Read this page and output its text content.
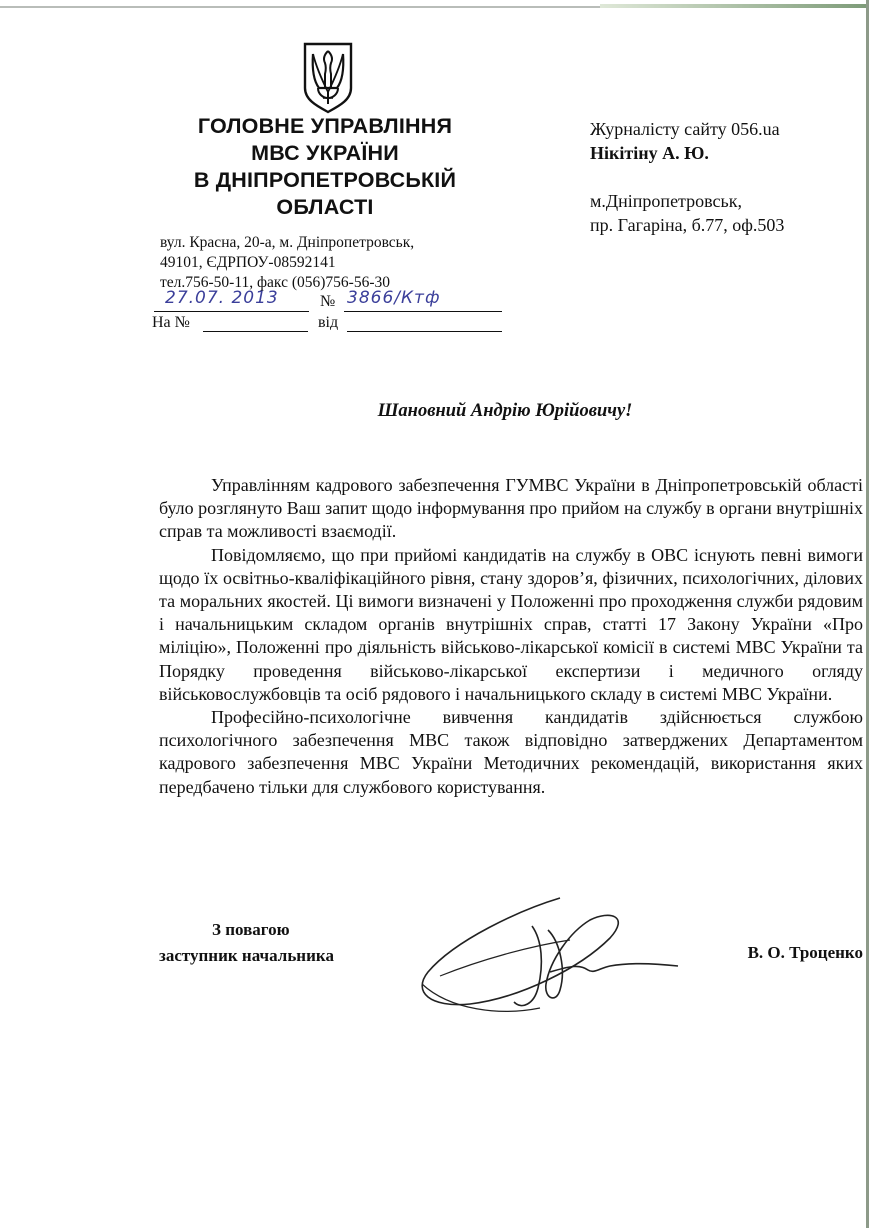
ГОЛОВНЕ УПРАВЛІННЯ
МВС УКРАЇНИ
В ДНІПРОПЕТРОВСЬКІЙ
ОБЛАСТІ
вул. Красна, 20-а, м. Дніпропетровськ,
49101, ЄДРПОУ-08592141
тел.756-50-11, факс (056)756-56-30
27.07. 2013	№ 3866/Ктф
На №	від
Журналісту сайту 056.ua
Нікітіну А. Ю.
м.Дніпропетровськ,
пр. Гагаріна, б.77, оф.503
Шановний Андрію Юрійовичу!

Управлінням кадрового забезпечення ГУМВС України в Дніпропетровській області було розглянуто Ваш запит щодо інформування про прийом на службу в органи внутрішніх справ та можливості взаємодії.

Повідомляємо, що при прийомі кандидатів на службу в ОВС існують певні вимоги щодо їх освітньо-кваліфікаційного рівня, стану здоров’я, фізичних, психологічних, ділових та моральних якостей. Ці вимоги визначені у Положенні про проходження служби рядовим і начальницьким складом органів внутрішніх справ, статті 17 Закону України «Про міліцію», Положенні про діяльність військово-лікарської комісії в системі МВС України та Порядку проведення військово-лікарської експертизи і медичного огляду військовослужбовців та осіб рядового і начальницького складу в системі МВС України.

Професійно-психологічне вивчення кандидатів здійснюється службою психологічного забезпечення МВС також відповідно затверджених Департаментом кадрового забезпечення МВС України Методичних рекомендацій, використання яких передбачено тільки для службового користування.

З повагою
заступник начальника	В. О. Троценко
